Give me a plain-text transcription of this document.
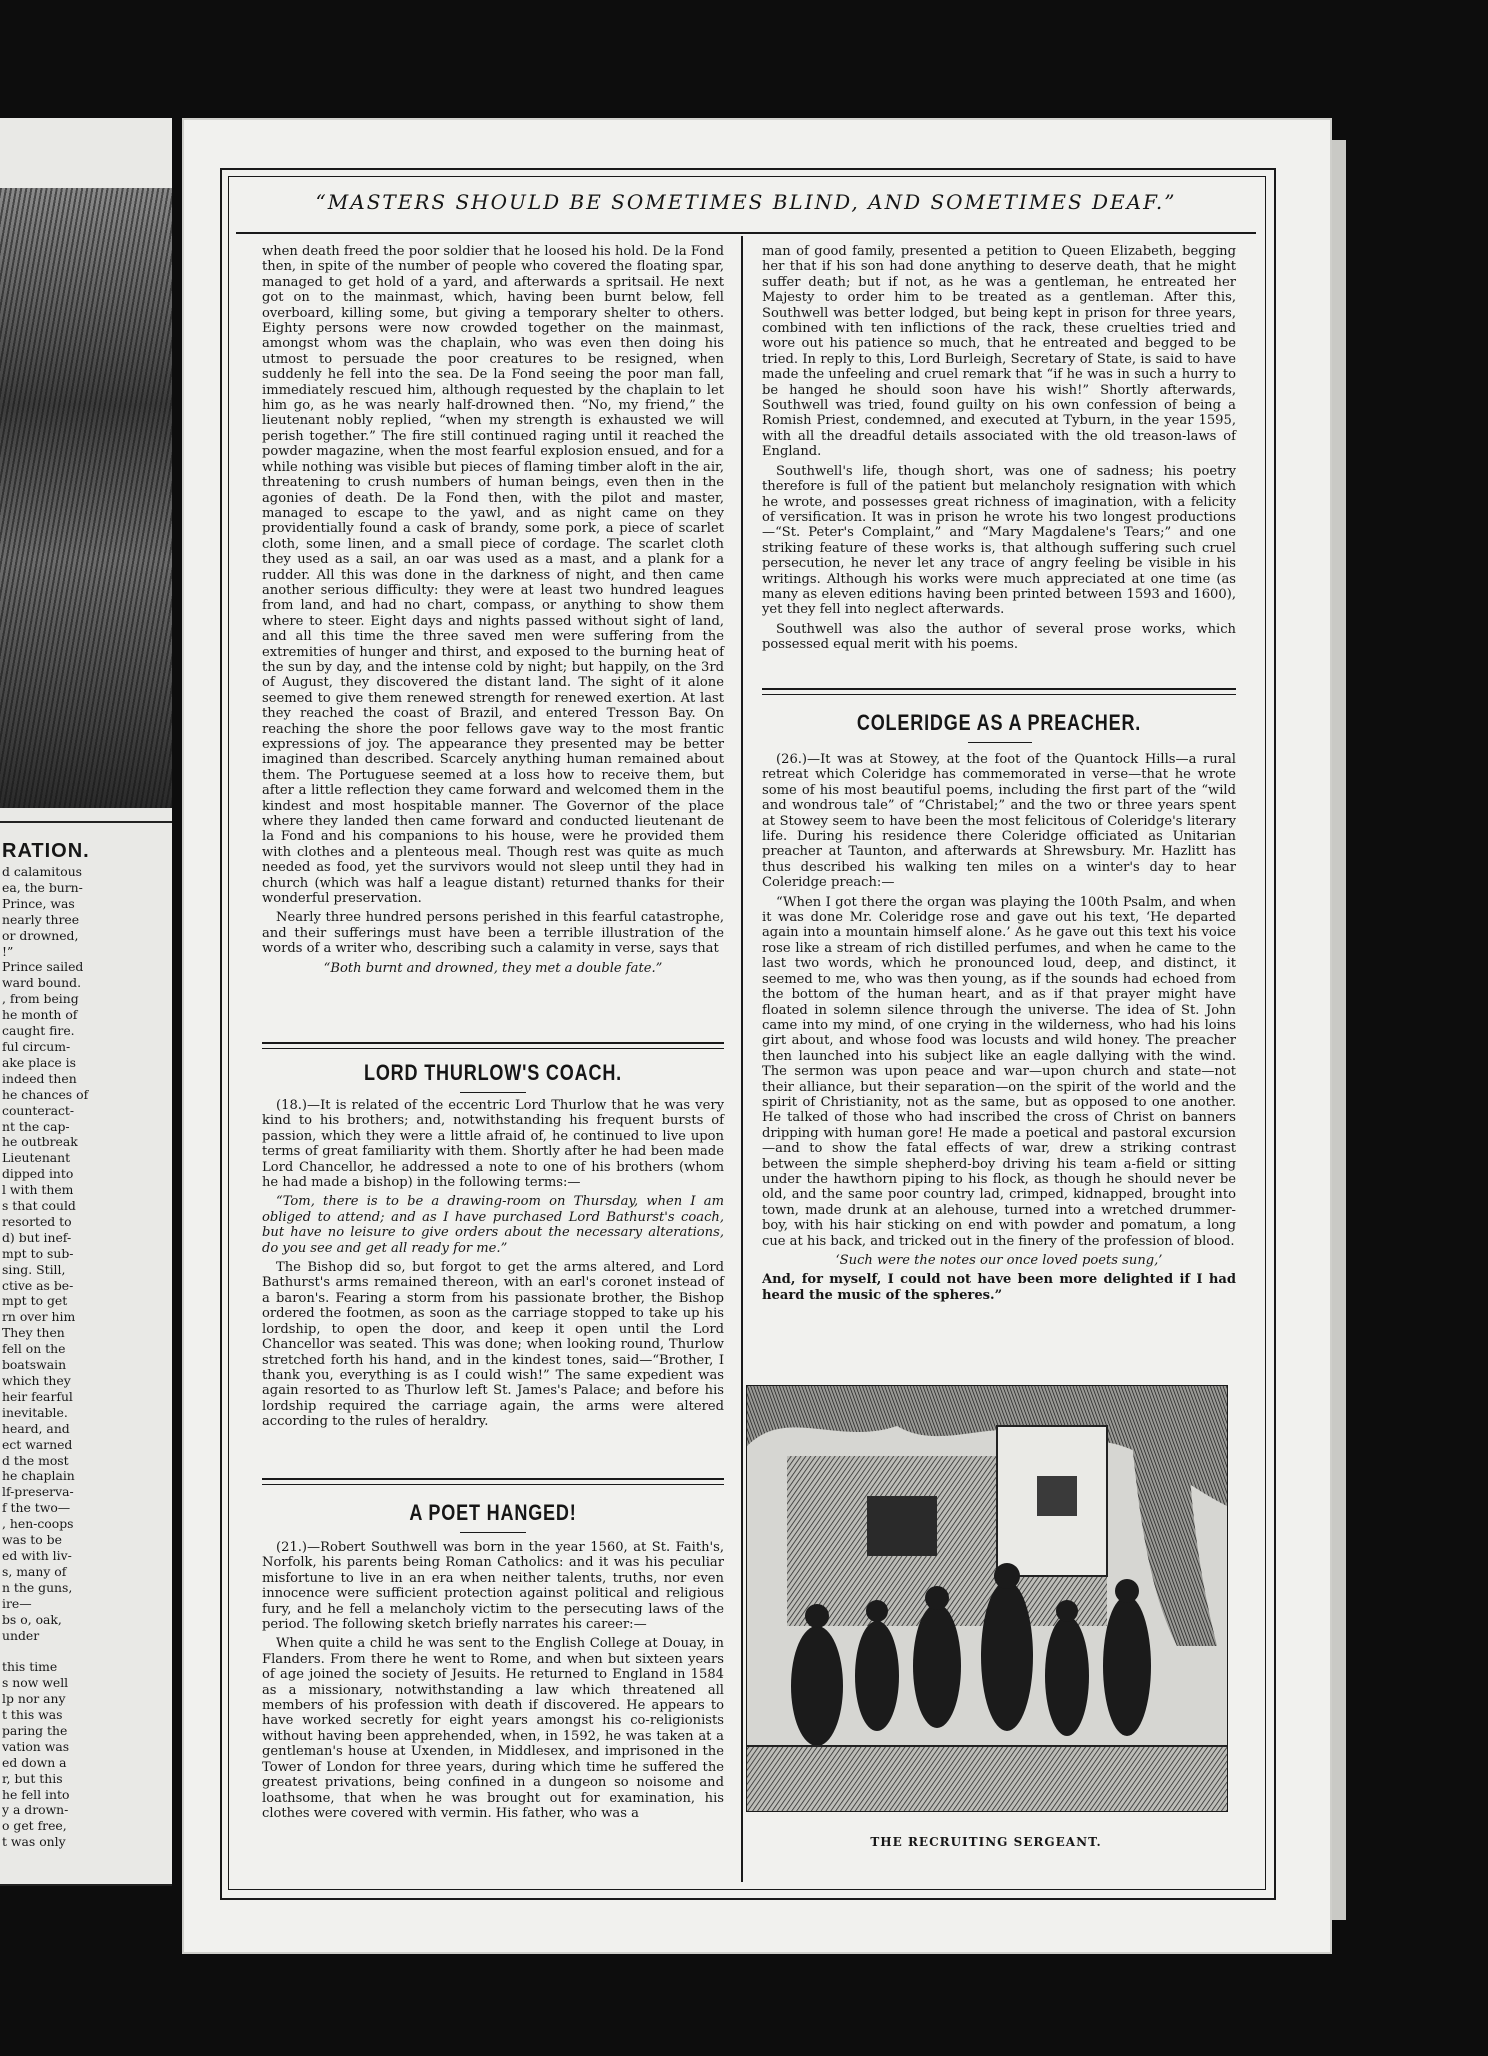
RATION.
d calamitous
ea, the burn-
Prince, was
nearly three
or drowned,
!”
Prince sailed
ward bound.
, from being
he month of
caught fire.
ful circum-
ake place is
indeed then
he chances of
counteract-
nt the cap-
he outbreak
Lieutenant
dipped into
l with them
s that could
resorted to
d) but inef-
mpt to sub-
sing. Still,
ctive as be-
mpt to get
rn over him
They then
fell on the
boatswain
which they
heir fearful
inevitable.
heard, and
ect warned
d the most
he chaplain
lf-preserva-
f the two—
, hen-coops
was to be
ed with liv-
s, many of
n the guns,
ire—
bs o, oak,
under

this time
s now well
lp nor any
t this was
paring the
vation was
ed down a
r, but this
he fell into
y a drown-
o get free,
t was only
“MASTERS SHOULD BE SOMETIMES BLIND, AND SOMETIMES DEAF.”

when death freed the poor soldier that he loosed his hold. De la Fond then, in spite of the number of people who covered the floating spar, managed to get hold of a yard, and afterwards a spritsail. He next got on to the mainmast, which, having been burnt below, fell overboard, killing some, but giving a temporary shelter to others. Eighty persons were now crowded together on the mainmast, amongst whom was the chaplain, who was even then doing his utmost to persuade the poor creatures to be resigned, when suddenly he fell into the sea. De la Fond seeing the poor man fall, immediately rescued him, although requested by the chaplain to let him go, as he was nearly half-drowned then. “No, my friend,” the lieutenant nobly replied, “when my strength is exhausted we will perish together.” The fire still continued raging until it reached the powder magazine, when the most fearful explosion ensued, and for a while nothing was visible but pieces of flaming timber aloft in the air, threatening to crush numbers of human beings, even then in the agonies of death. De la Fond then, with the pilot and master, managed to escape to the yawl, and as night came on they providentially found a cask of brandy, some pork, a piece of scarlet cloth, some linen, and a small piece of cordage. The scarlet cloth they used as a sail, an oar was used as a mast, and a plank for a rudder. All this was done in the darkness of night, and then came another serious difficulty: they were at least two hundred leagues from land, and had no chart, compass, or anything to show them where to steer. Eight days and nights passed without sight of land, and all this time the three saved men were suffering from the extremities of hunger and thirst, and exposed to the burning heat of the sun by day, and the intense cold by night; but happily, on the 3rd of August, they discovered the distant land. The sight of it alone seemed to give them renewed strength for renewed exertion. At last they reached the coast of Brazil, and entered Tresson Bay. On reaching the shore the poor fellows gave way to the most frantic expressions of joy. The appearance they presented may be better imagined than described. Scarcely anything human remained about them. The Portuguese seemed at a loss how to receive them, but after a little reflection they came forward and welcomed them in the kindest and most hospitable manner. The Governor of the place where they landed then came forward and conducted lieutenant de la Fond and his companions to his house, were he provided them with clothes and a plenteous meal. Though rest was quite as much needed as food, yet the survivors would not sleep until they had in church (which was half a league distant) returned thanks for their wonderful preservation.

Nearly three hundred persons perished in this fearful catastrophe, and their sufferings must have been a terrible illustration of the words of a writer who, describing such a calamity in verse, says that

“Both burnt and drowned, they met a double fate.”

LORD THURLOW'S COACH.

(18.)—It is related of the eccentric Lord Thurlow that he was very kind to his brothers; and, notwithstanding his frequent bursts of passion, which they were a little afraid of, he continued to live upon terms of great familiarity with them. Shortly after he had been made Lord Chancellor, he addressed a note to one of his brothers (whom he had made a bishop) in the following terms:—

“Tom, there is to be a drawing-room on Thursday, when I am obliged to attend; and as I have purchased Lord Bathurst's coach, but have no leisure to give orders about the necessary alterations, do you see and get all ready for me.”

The Bishop did so, but forgot to get the arms altered, and Lord Bathurst's arms remained thereon, with an earl's coronet instead of a baron's. Fearing a storm from his passionate brother, the Bishop ordered the footmen, as soon as the carriage stopped to take up his lordship, to open the door, and keep it open until the Lord Chancellor was seated. This was done; when looking round, Thurlow stretched forth his hand, and in the kindest tones, said—“Brother, I thank you, everything is as I could wish!” The same expedient was again resorted to as Thurlow left St. James's Palace; and before his lordship required the carriage again, the arms were altered according to the rules of heraldry.

A POET HANGED!

(21.)—Robert Southwell was born in the year 1560, at St. Faith's, Norfolk, his parents being Roman Catholics: and it was his peculiar misfortune to live in an era when neither talents, truths, nor even innocence were sufficient protection against political and religious fury, and he fell a melancholy victim to the persecuting laws of the period. The following sketch briefly narrates his career:—

When quite a child he was sent to the English College at Douay, in Flanders. From there he went to Rome, and when but sixteen years of age joined the society of Jesuits. He returned to England in 1584 as a missionary, notwithstanding a law which threatened all members of his profession with death if discovered. He appears to have worked secretly for eight years amongst his co-religionists without having been apprehended, when, in 1592, he was taken at a gentleman's house at Uxenden, in Middlesex, and imprisoned in the Tower of London for three years, during which time he suffered the greatest privations, being confined in a dungeon so noisome and loathsome, that when he was brought out for examination, his clothes were covered with vermin. His father, who was a

man of good family, presented a petition to Queen Elizabeth, begging her that if his son had done anything to deserve death, that he might suffer death; but if not, as he was a gentleman, he entreated her Majesty to order him to be treated as a gentleman. After this, Southwell was better lodged, but being kept in prison for three years, combined with ten inflictions of the rack, these cruelties tried and wore out his patience so much, that he entreated and begged to be tried. In reply to this, Lord Burleigh, Secretary of State, is said to have made the unfeeling and cruel remark that “if he was in such a hurry to be hanged he should soon have his wish!” Shortly afterwards, Southwell was tried, found guilty on his own confession of being a Romish Priest, condemned, and executed at Tyburn, in the year 1595, with all the dreadful details associated with the old treason-laws of England.

Southwell's life, though short, was one of sadness; his poetry therefore is full of the patient but melancholy resignation with which he wrote, and possesses great richness of imagination, with a felicity of versification. It was in prison he wrote his two longest productions—“St. Peter's Complaint,” and “Mary Magdalene's Tears;” and one striking feature of these works is, that although suffering such cruel persecution, he never let any trace of angry feeling be visible in his writings. Although his works were much appreciated at one time (as many as eleven editions having been printed between 1593 and 1600), yet they fell into neglect afterwards.

Southwell was also the author of several prose works, which possessed equal merit with his poems.

COLERIDGE AS A PREACHER.

(26.)—It was at Stowey, at the foot of the Quantock Hills—a rural retreat which Coleridge has commemorated in verse—that he wrote some of his most beautiful poems, including the first part of the “wild and wondrous tale” of “Christabel;” and the two or three years spent at Stowey seem to have been the most felicitous of Coleridge's literary life. During his residence there Coleridge officiated as Unitarian preacher at Taunton, and afterwards at Shrewsbury. Mr. Hazlitt has thus described his walking ten miles on a winter's day to hear Coleridge preach:—

“When I got there the organ was playing the 100th Psalm, and when it was done Mr. Coleridge rose and gave out his text, ‘He departed again into a mountain himself alone.’ As he gave out this text his voice rose like a stream of rich distilled perfumes, and when he came to the last two words, which he pronounced loud, deep, and distinct, it seemed to me, who was then young, as if the sounds had echoed from the bottom of the human heart, and as if that prayer might have floated in solemn silence through the universe. The idea of St. John came into my mind, of one crying in the wilderness, who had his loins girt about, and whose food was locusts and wild honey. The preacher then launched into his subject like an eagle dallying with the wind. The sermon was upon peace and war—upon church and state—not their alliance, but their separation—on the spirit of the world and the spirit of Christianity, not as the same, but as opposed to one another. He talked of those who had inscribed the cross of Christ on banners dripping with human gore! He made a poetical and pastoral excursion—and to show the fatal effects of war, drew a striking contrast between the simple shepherd-boy driving his team a-field or sitting under the hawthorn piping to his flock, as though he should never be old, and the same poor country lad, crimped, kidnapped, brought into town, made drunk at an alehouse, turned into a wretched drummer-boy, with his hair sticking on end with powder and pomatum, a long cue at his back, and tricked out in the finery of the profession of blood.

‘Such were the notes our once loved poets sung,’

And, for myself, I could not have been more delighted if I had heard the music of the spheres.”

THE RECRUITING SERGEANT.
